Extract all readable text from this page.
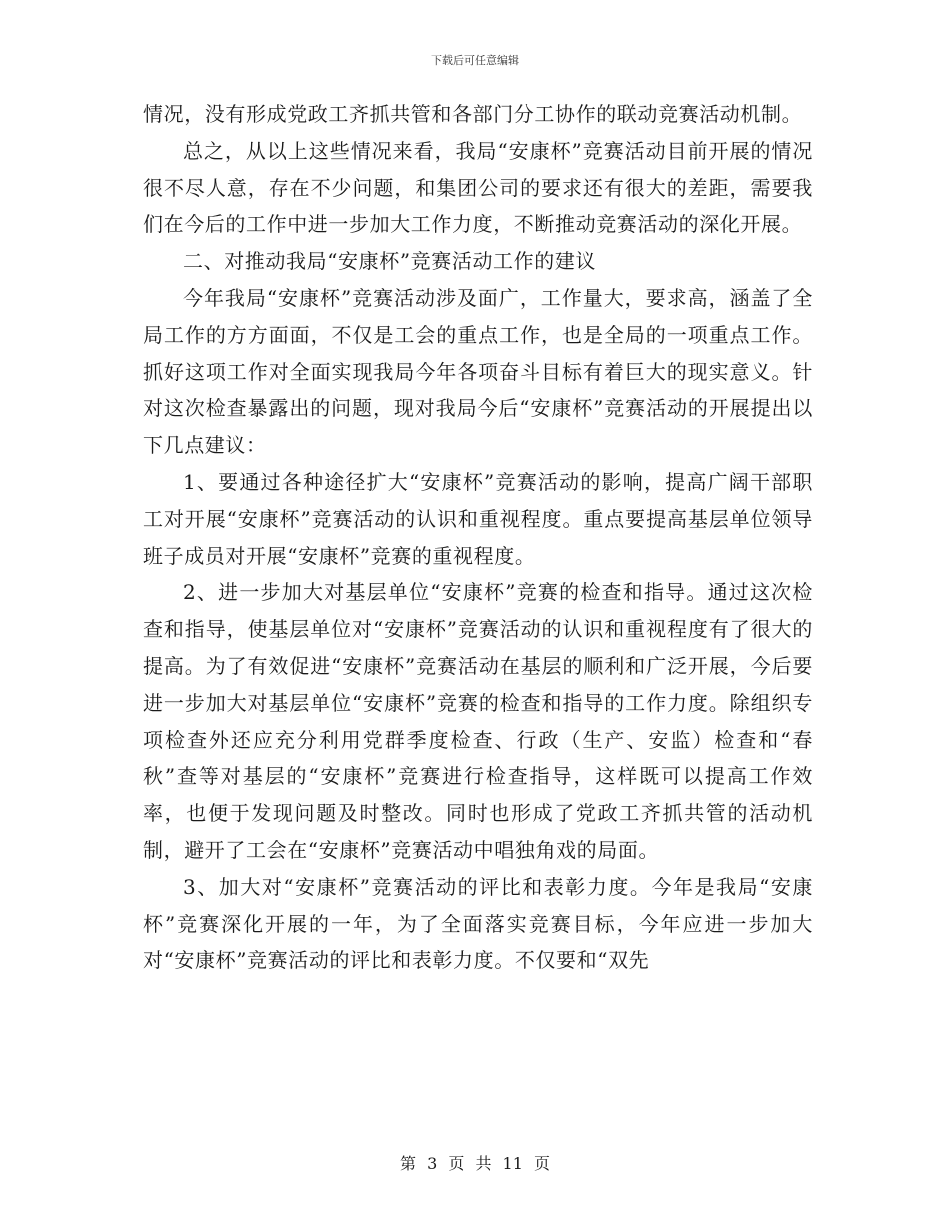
下载后可任意编辑

情况，没有形成党政工齐抓共管和各部门分工协作的联动竞赛活动机制。

总之，从以上这些情况来看，我局“安康杯”竞赛活动目前开展的情况很不尽人意，存在不少问题，和集团公司的要求还有很大的差距，需要我们在今后的工作中进一步加大工作力度，不断推动竞赛活动的深化开展。

二、对推动我局“安康杯”竞赛活动工作的建议

今年我局“安康杯”竞赛活动涉及面广，工作量大，要求高，涵盖了全局工作的方方面面，不仅是工会的重点工作，也是全局的一项重点工作。抓好这项工作对全面实现我局今年各项奋斗目标有着巨大的现实意义。针对这次检查暴露出的问题，现对我局今后“安康杯”竞赛活动的开展提出以下几点建议：

1、要通过各种途径扩大“安康杯”竞赛活动的影响，提高广阔干部职工对开展“安康杯”竞赛活动的认识和重视程度。重点要提高基层单位领导班子成员对开展“安康杯”竞赛的重视程度。

2、进一步加大对基层单位“安康杯”竞赛的检查和指导。通过这次检查和指导，使基层单位对“安康杯”竞赛活动的认识和重视程度有了很大的提高。为了有效促进“安康杯”竞赛活动在基层的顺利和广泛开展，今后要进一步加大对基层单位“安康杯”竞赛的检查和指导的工作力度。除组织专项检查外还应充分利用党群季度检查、行政（生产、安监）检查和“春秋”查等对基层的“安康杯”竞赛进行检查指导，这样既可以提高工作效率，也便于发现问题及时整改。同时也形成了党政工齐抓共管的活动机制，避开了工会在“安康杯”竞赛活动中唱独角戏的局面。

3、加大对“安康杯”竞赛活动的评比和表彰力度。今年是我局“安康杯”竞赛深化开展的一年，为了全面落实竞赛目标，今年应进一步加大对“安康杯”竞赛活动的评比和表彰力度。不仅要和“双先

第 3 页 共 11 页
